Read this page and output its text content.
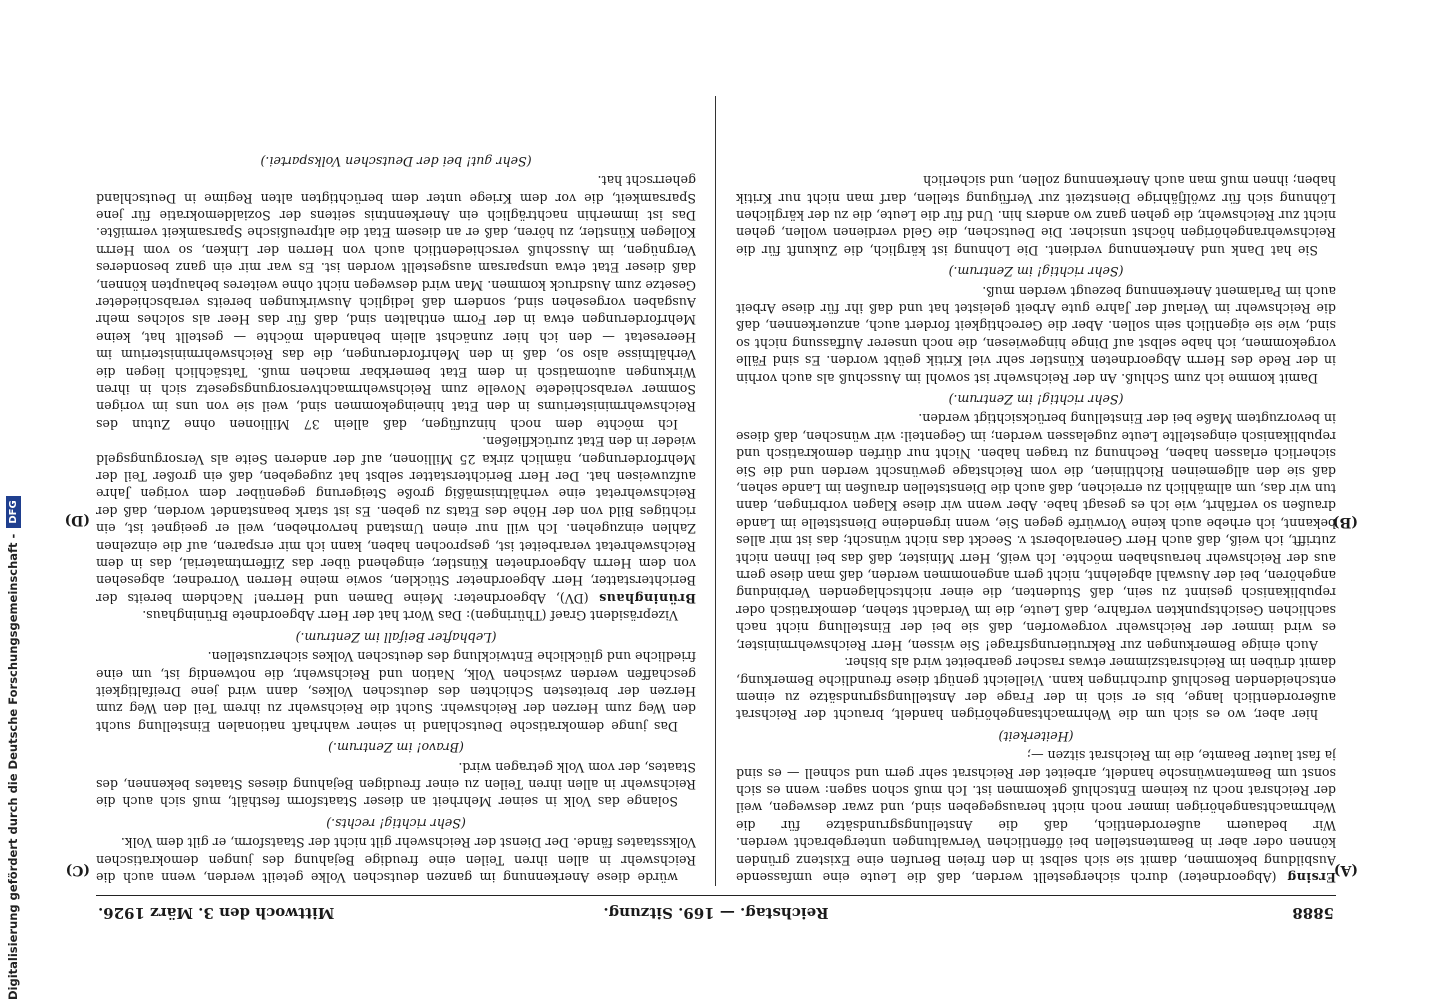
5888
Reichstag. — 169. Sitzung.
Mittwoch den 3. März 1926.
(A)
(B)
(C)
(D)

Ersing (Abgeordneter) durch sichergestellt werden, daß die Leute eine umfassende Ausbildung bekommen, damit sie sich selbst in den freien Berufen eine Existenz gründen können oder aber in Beamtenstellen bei öffentlichen Verwaltungen untergebracht werden. Wir bedauern außerordentlich, daß die Anstellungsgrundsätze für die Wehrmachtsangehörigen immer noch nicht herausgegeben sind, und zwar deswegen, weil der Reichsrat noch zu keinem Entschluß gekommen ist. Ich muß schon sagen: wenn es sich sonst um Beamtenwünsche handelt, arbeitet der Reichsrat sehr gern und schnell — es sind ja fast lauter Beamte, die im Reichsrat sitzen —;

(Heiterkeit)

hier aber, wo es sich um die Wehrmachtsangehörigen handelt, braucht der Reichsrat außerordentlich lange, bis er sich in der Frage der Anstellungsgrundsätze zu einem entscheidenden Beschluß durchringen kann. Vielleicht genügt diese freundliche Bemerkung, damit drüben im Reichsratszimmer etwas rascher gearbeitet wird als bisher.

Auch einige Bemerkungen zur Rekrutierungsfrage! Sie wissen, Herr Reichswehrminister, es wird immer der Reichswehr vorgeworfen, daß sie bei der Einstellung nicht nach sachlichen Gesichtspunkten verfahre, daß Leute, die im Verdacht stehen, demokratisch oder republikanisch gesinnt zu sein, daß Studenten, die einer nichtschlagenden Verbindung angehören, bei der Auswahl abgelehnt, nicht gern angenommen werden, daß man diese gern aus der Reichswehr heraushaben möchte. Ich weiß, Herr Minister, daß das bei Ihnen nicht zutrifft, ich weiß, daß auch Herr Generaloberst v. Seeckt das nicht wünscht; das ist mir alles bekannt, ich erhebe auch keine Vorwürfe gegen Sie, wenn irgendeine Dienststelle im Lande draußen so verfährt, wie ich es gesagt habe. Aber wenn wir diese Klagen vorbringen, dann tun wir das, um allmählich zu erreichen, daß auch die Dienststellen draußen im Lande sehen, daß sie den allgemeinen Richtlinien, die vom Reichstage gewünscht werden und die Sie sicherlich erlassen haben, Rechnung zu tragen haben. Nicht nur dürfen demokratisch und republikanisch eingestellte Leute zugelassen werden; im Gegenteil: wir wünschen, daß diese in bevorzugtem Maße bei der Einstellung berücksichtigt werden.

(Sehr richtig! im Zentrum.)

Damit komme ich zum Schluß. An der Reichswehr ist sowohl im Ausschuß als auch vorhin in der Rede des Herrn Abgeordneten Künstler sehr viel Kritik geübt worden. Es sind Fälle vorgekommen, ich habe selbst auf Dinge hingewiesen, die noch unserer Auffassung nicht so sind, wie sie eigentlich sein sollen. Aber die Gerechtigkeit fordert auch, anzuerkennen, daß die Reichswehr im Verlauf der Jahre gute Arbeit geleistet hat und daß ihr für diese Arbeit auch im Parlament Anerkennung bezeugt werden muß.

(Sehr richtig! im Zentrum.)

Sie hat Dank und Anerkennung verdient. Die Lohnung ist kärglich, die Zukunft für die Reichswehrangehörigen höchst unsicher. Die Deutschen, die Geld verdienen wollen, gehen nicht zur Reichswehr, die gehen ganz wo anders hin. Und für die Leute, die zu der kärglichen Löhnung sich für zwölfjährige Dienstzeit zur Verfügung stellen, darf man nicht nur Kritik haben; ihnen muß man auch Anerkennung zollen, und sicherlich

würde diese Anerkennung im ganzen deutschen Volke geteilt werden, wenn auch die Reichswehr in allen ihren Teilen eine freudige Bejahung des jungen demokratischen Volksstaates fände. Der Dienst der Reichswehr gilt nicht der Staatsform, er gilt dem Volk.

(Sehr richtig! rechts.)

Solange das Volk in seiner Mehrheit an dieser Staatsform festhält, muß sich auch die Reichswehr in allen ihren Teilen zu einer freudigen Bejahung dieses Staates bekennen, des Staates, der vom Volk getragen wird.

(Bravo! im Zentrum.)

Das junge demokratische Deutschland in seiner wahrhaft nationalen Einstellung sucht den Weg zum Herzen der Reichswehr. Sucht die Reichswehr zu ihrem Teil den Weg zum Herzen der breitesten Schichten des deutschen Volkes, dann wird jene Dreifaltigkeit geschaffen werden zwischen Volk, Nation und Reichswehr, die notwendig ist, um eine friedliche und glückliche Entwicklung des deutschen Volkes sicherzustellen.

(Lebhafter Beifall im Zentrum.)

Vizepräsident Graef (Thüringen): Das Wort hat der Herr Abgeordnete Brüninghaus.

Brüninghaus (DV), Abgeordneter: Meine Damen und Herren! Nachdem bereits der Berichterstatter, Herr Abgeordneter Stücklen, sowie meine Herren Vorredner, abgesehen von dem Herrn Abgeordneten Künstler, eingehend über das Zifferntmaterial, das in dem Reichswehretat verarbeitet ist, gesprochen haben, kann ich mir ersparen, auf die einzelnen Zahlen einzugehen. Ich will nur einen Umstand hervorheben, weil er geeignet ist, ein richtiges Bild von der Höhe des Etats zu geben. Es ist stark beanstandet worden, daß der Reichswehretat eine verhältnismäßig große Steigerung gegenüber dem vorigen Jahre aufzuweisen hat. Der Herr Berichterstatter selbst hat zugegeben, daß ein großer Teil der Mehrforderungen, nämlich zirka 25 Millionen, auf der anderen Seite als Versorgungsgeld wieder in den Etat zurückfließen.

Ich möchte dem noch hinzufügen, daß allein 37 Millionen ohne Zutun des Reichswehrministeriums in den Etat hineingekommen sind, weil sie von uns im vorigen Sommer verabschiedete Novelle zum Reichswehrmachtversorgungsgesetz sich in ihren Wirkungen automatisch in dem Etat bemerkbar machen muß. Tatsächlich liegen die Verhältnisse also so, daß in den Mehrforderungen, die das Reichswehrministerium im Heeresetat — den ich hier zunächst allein behandeln möchte — gestellt hat, keine Mehrforderungen etwa in der Form enthalten sind, daß für das Heer als solches mehr Ausgaben vorgesehen sind, sondern daß lediglich Auswirkungen bereits verabschiedeter Gesetze zum Ausdruck kommen. Man wird deswegen nicht ohne weiteres behaupten können, daß dieser Etat etwa unsparsam ausgestellt worden ist. Es war mir ein ganz besonderes Vergnügen, im Ausschuß verschiedentlich auch von Herren der Linken, so vom Herrn Kollegen Künstler, zu hören, daß er an diesem Etat die altpreußische Sparsamkeit vermißte. Das ist immerhin nachträglich ein Anerkenntnis seitens der Sozialdemokratie für jene Sparsamkeit, die vor dem Kriege unter dem berüchtigten alten Regime in Deutschland geherrscht hat.

(Sehr gut! bei der Deutschen Volkspartei.)

Digitalisierung gefördert durch die Deutsche Forschungsgemeinschaft -
DFG
